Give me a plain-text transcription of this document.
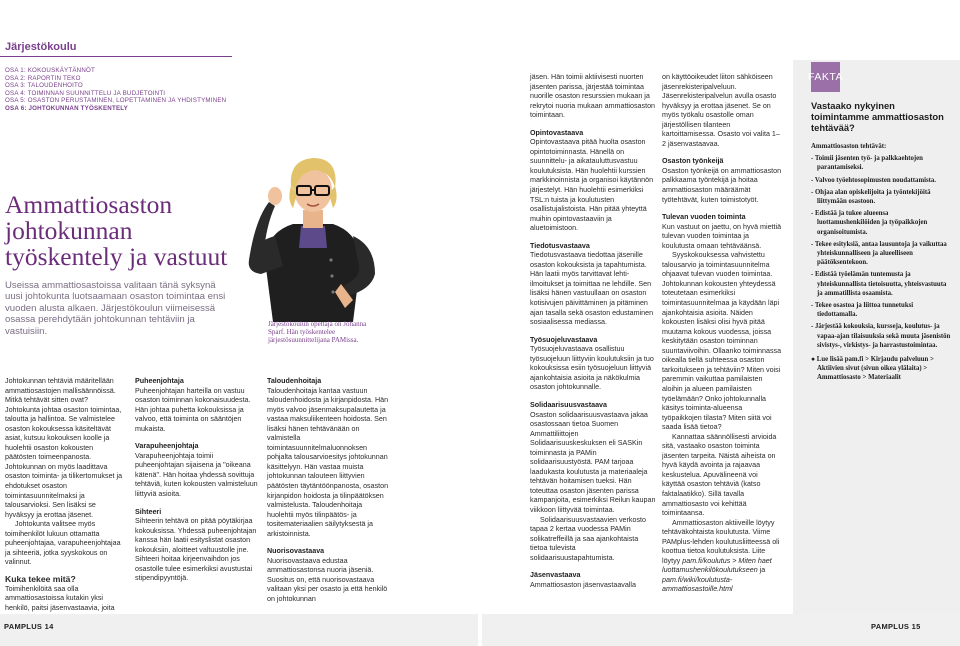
Järjestökoulu
OSA 1: KOKOUSKÄYTÄNNÖT
OSA 2: RAPORTIN TEKO
OSA 3: TALOUDENHOITO
OSA 4: TOIMINNAN SUUNNITTELU JA BUDJETOINTI
OSA 5: OSASTON PERUSTAMINEN, LOPETTAMINEN JA YHDISTYMINEN
OSA 6: JOHTOKUNNAN TYÖSKENTELY
Ammattiosaston johtokunnan työskentely ja vastuut
Useissa ammattiosastoissa valitaan tänä syksynä uusi johtokunta luotsaamaan osaston toimintaa ensi vuoden alusta alkaen. Järjestökoulun viimeisessä osassa perehdytään johtokunnan tehtäviin ja vastuisiin.
Järjestökoulun opettaja on Johanna Sparf. Hän työskentelee järjestösuunnittelijana PAMissa.

Johtokunnan tehtäviä määritellään ammattiosastojen mallisäännöissä. Mitkä tehtävät sitten ovat? Johtokunta johtaa osaston toimintaa, taloutta ja hallintoa. Se valmistelee osaston kokouksessa käsiteltävät asiat, kutsuu kokouksen koolle ja huolehtii osaston kokousten päätösten toimeenpanosta. Johtokunnan on myös laadittava osaston toiminta- ja tilikertomukset ja ehdotukset osaston toimintasuunnitelmaksi ja talousarvioksi. Sen lisäksi se hyväksyy ja erottaa jäsenet.

Johtokunta valitsee myös toimihenkilöt lukuun ottamatta puheenjohtajaa, varapuheenjohtajaa ja sihteeriä, jotka syyskokous on valinnut.

Kuka tekee mitä?

Toimihenkilöitä saa olla ammattiosastoissa kutakin yksi henkilö, paitsi jäsenvastaavia, joita

Puheenjohtaja

Puheenjohtajan harteilla on vastuu osaston toiminnan kokonaisuudesta. Hän johtaa puhetta kokouksissa ja valvoo, että toiminta on sääntöjen mukaista.

Varapuheenjohtaja

Varapuheenjohtaja toimii puheenjohtajan sijaisena ja "oikeana kätenä". Hän hoitaa yhdessä sovittuja tehtäviä, kuten kokousten valmisteluun liittyviä asioita.

Sihteeri

Sihteerin tehtävä on pitää pöytäkirjaa kokouksissa. Yhdessä puheenjohtajan kanssa hän laatii esityslistat osaston kokouksiin, aloitteet valtuustolle jne. Sihteeri hoitaa kirjeenvaihdon jos osastolle tulee esimerkiksi avustustai stipendipyyntöjä.

Taloudenhoitaja

Taloudenhoitaja kantaa vastuun taloudenhoidosta ja kirjanpidosta. Hän myös valvoo jäsenmaksupalautetta ja vastaa maksuliikenteen hoidosta. Sen lisäksi hänen tehtävänään on valmistella toimintasuunnitelmaluonnoksen pohjalta talousarvioesitys johtokunnan käsittelyyn. Hän vastaa muista johtokunnan talouteen liittyvien päätösten täytäntöönpanosta, osaston kirjanpidon hoidosta ja tilinpäätöksen valmistelusta. Taloudenhoitaja huolehtii myös tilinpäätös- ja tositemateriaalien säilytyksestä ja arkistoinnista.

Nuorisovastaava

Nuorisovastaava edustaa ammattiosastonsa nuoria jäseniä. Suositus on, että nuorisovastaava valitaan yksi per osasto ja että henkilö on johtokunnan

jäsen. Hän toimii aktiivisesti nuorten jäsenten parissa, järjestää toimintaa nuorille osaston resurssien mukaan ja rekrytoi nuoria mukaan ammattiosaston toimintaan.

Opintovastaava

Opintovastaava pitää huolta osaston opintotoiminnasta. Hänellä on suunnittelu- ja aikatauluttusvastuu koulutuksista. Hän huolehtii kurssien markkinoinnista ja organisoi käytännön järjestelyt. Hän huolehtii esimerkiksi TSL:n tuista ja koulutusten osallistujalistoista. Hän pitää yhteyttä muihin opintovastaaviin ja aluetoimistoon.

Tiedotusvastaava

Tiedotusvastaava tiedottaa jäsenille osaston kokouksista ja tapahtumista. Hän laatii myös tarvittavat lehti-ilmoitukset ja toimittaa ne lehdille. Sen lisäksi hänen vastuullaan on osaston kotisivujen päivittäminen ja pitäminen ajan tasalla sekä osaston edustaminen sosiaalisessa mediassa.

Työsuojeluvastaava

Työsuojeluvastaava osallistuu työsuojeluun liittyviin koulutuksiin ja tuo kokouksissa esiin työsuojeluun liittyviä ajankohtaisia asioita ja näkökulmia osaston johtokunnalle.

Solidaarisuusvastaava

Osaston solidaarisuusvastaava jakaa osastossaan tietoa Suomen Ammattiliittojen Solidaarisuuskeskuksen eli SASKin toiminnasta ja PAMin solidaarisuustyöstä. PAM tarjoaa laadukasta koulutusta ja materiaaleja tehtävän hoitamisen tueksi. Hän toteuttaa osaston jäsenten parissa kampanjoita, esimerkiksi Reilun kaupan viikkoon liittyvää toimintaa.

Solidaarisuusvastaavien verkosto tapaa 2 kertaa vuodessa PAMin solikatreffeillä ja saa ajankohtaista tietoa tulevista solidaarisuustapahtumista.

Jäsenvastaava

Ammattiosaston jäsenvastaavalla

on käyttöoikeudet liiton sähköiseen jäsenrekisteripalveluun. Jäsenrekisteripalvelun avulla osasto hyväksyy ja erottaa jäsenet. Se on myös työkalu osastolle oman järjestöllisen tilanteen kartoittamisessa. Osasto voi valita 1–2 jäsenvastaavaa.

Osaston työnkeijä

Osaston työnkeijä on ammattiosaston palkkaama työntekijä ja hoitaa ammattiosaston määräämät työtehtävät, kuten toimistotyöt.

Tulevan vuoden toiminta

Kun vastuut on jaettu, on hyvä miettiä tulevan vuoden toimintaa ja koulutusta omaan tehtäväänsä.

Syyskokouksessa vahvistettu talousarvio ja toimintasuunnitelma ohjaavat tulevan vuoden toimintaa. Johtokunnan kokousten yhteydessä toteutetaan esimerkiksi toimintasuunnitelmaa ja käydään läpi ajankohtaisia asioita. Näiden kokousten lisäksi olisi hyvä pitää muutama kokous vuodessa, joissa keskitytään osaston toiminnan suuntaviivoihin. Ollaanko toiminnassa oikealla tiellä suhteessa osaston tarkoitukseen ja tehtäviin? Miten voisi paremmin vaikuttaa pamilaisten aloihin ja alueen pamilaisten työelämään? Onko johtokunnalla käsitys toiminta-alueensa työpaikkojen tilasta? Miten siitä voi saada lisää tietoa?

Kannattaa säännöllisesti arvioida sitä, vastaako osaston toiminta jäsenten tarpeita. Näistä aiheista on hyvä käydä avointa ja rajaavaa keskustelua. Apuvälineenä voi käyttää osaston tehtäviä (katso faktalaatikko). Sillä tavalla ammattiosasto voi kehittää toimintaansa.

Ammattiosaston aktiiveille löytyy tehtäväkohtaista koulutusta. Viime PAMplus-lehden koulutusliitteessä oli koottua tietoa koulutuksista. Liite löytyy pam.fi/koulutus > Miten haet luottamushenkilökoulutukseen ja pam.fi/wiki/koulutusta-ammattiosastoille.html

FAKTA
Vastaako nykyinen toimintamme ammattiosaston tehtävää?
Ammattiosaston tehtävät:
- Toimii jäsenten työ- ja palkkaehtojen parantamiseksi.
- Valvoo työehtosopimusten noudattamista.
- Ohjaa alan opiskelijoita ja työntekijöitä liittymään osastoon.
- Edistää ja tukee alueensa luottamushenkilöiden ja työpaikkojen organisoitumista.
- Tekee esityksiä, antaa lausuntoja ja vaikuttaa yhteiskunnalliseen ja alueelliseen päätöksentekoon.
- Edistää työelämän tuntemusta ja yhteiskunnallista tietoisuutta, yhteisvastuuta ja ammatillista osaamista.
- Tekee osastoa ja liittoa tunnetuksi tiedottamalla.
- Järjestää kokouksia, kursseja, koulutus- ja vapaa-ajan tilaisuuksia sekä muuta jäsenistön sivistys-, virkistys- ja harrastustoimintaa.
● Lue lisää pam.fi > Kirjaudu palveluun > Aktiivien sivut (sivun oikea ylälaita) > Ammattiosasto > Materiaalit
PAMPLUS 14	PAMPLUS 15
